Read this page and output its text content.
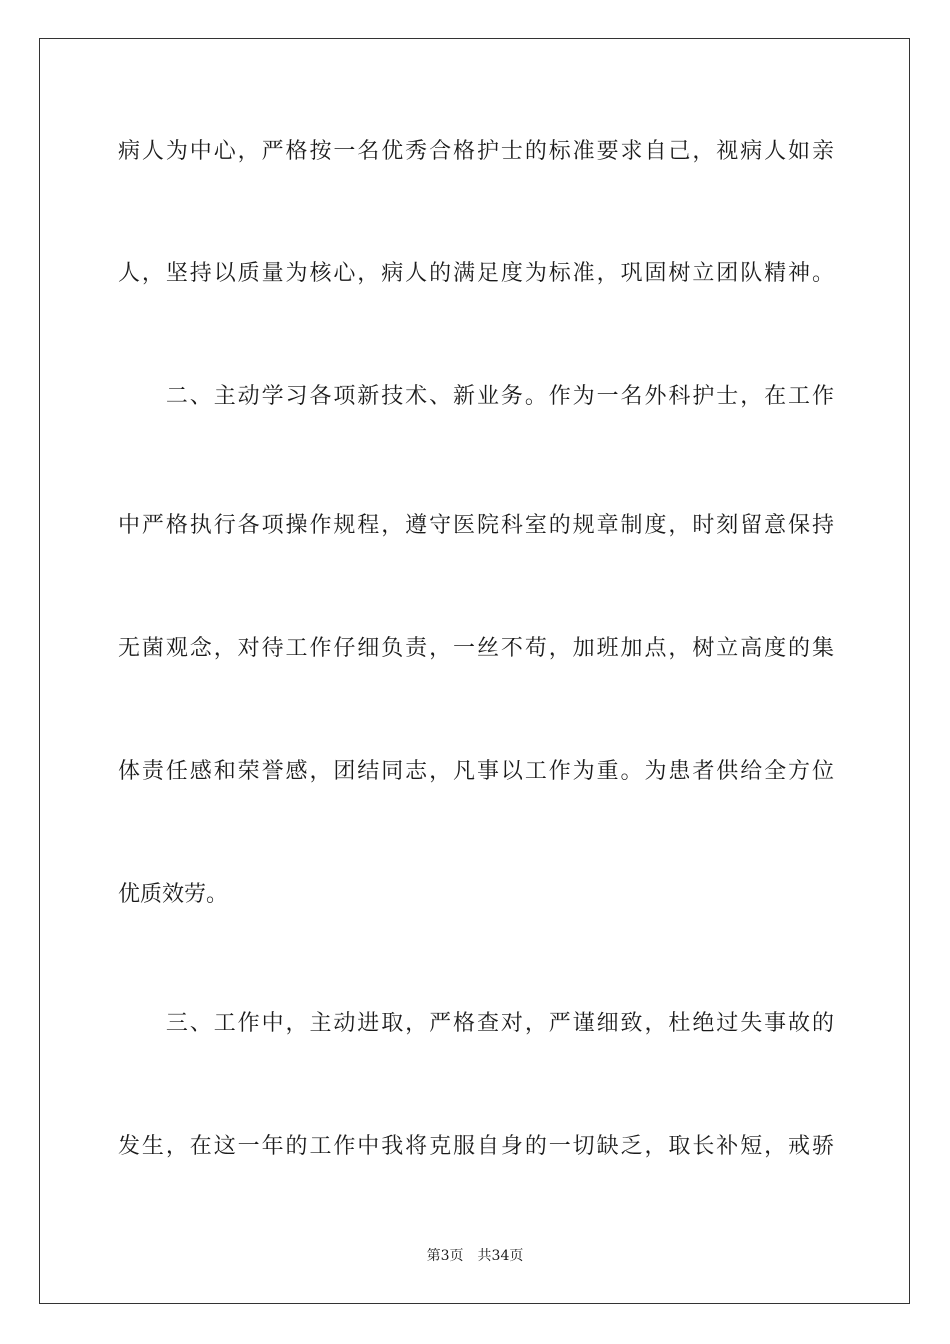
病人为中心，严格按一名优秀合格护士的标准要求自己，视病人如亲
人，坚持以质量为核心，病人的满足度为标准，巩固树立团队精神。
　　二、主动学习各项新技术、新业务。作为一名外科护士，在工作
中严格执行各项操作规程，遵守医院科室的规章制度，时刻留意保持
无菌观念，对待工作仔细负责，一丝不苟，加班加点，树立高度的集
体责任感和荣誉感，团结同志，凡事以工作为重。为患者供给全方位
优质效劳。
　　三、工作中，主动进取，严格查对，严谨细致，杜绝过失事故的
发生，在这一年的工作中我将克服自身的一切缺乏，取长补短，戒骄
第3页 共34页
